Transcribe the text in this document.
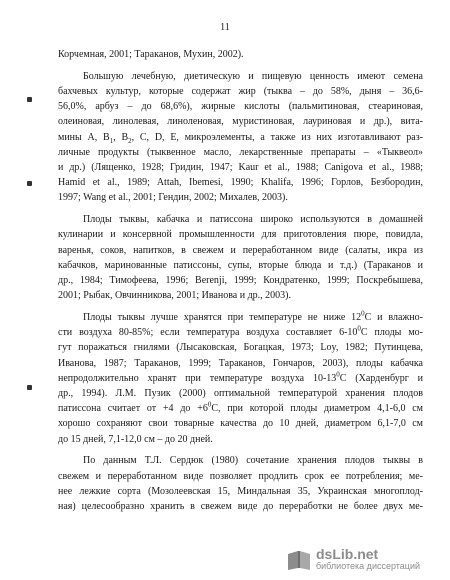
11
Корчемная, 2001; Тараканов, Мухин, 2002).
Большую лечебную, диетическую и пищевую ценность имеют семена
бахчевых культур, которые содержат жир (тыква – до 58%, дыня – 36,6-
56,0%, арбуз – до 68,6%), жирные кислоты (пальмитиновая, стеариновая,
олеиновая, линолевая, линоленовая, муристиновая, лауриновая и др.), вита-
мины А, $B_1$, $B_2$, C, D, E, микроэлементы, а также из них изготавливают раз-
личные продукты (тыквенное масло, лекарственные препараты – «Тыквеол»
и др.) (Лященко, 1928; Гридин, 1947; Kaur et al., 1988; Canigova et al., 1988;
Hamid et al., 1989; Attah, Ibemesi, 1990; Khalifa, 1996; Горлов, Безбородин,
1997; Wang et al., 2001; Гендин, 2002; Михалев, 2003).
Плоды тыквы, кабачка и патиссона широко используются в домашней
кулинарии и консервной промышленности для приготовления пюре, повидла,
варенья, соков, напитков, в свежем и переработанном виде (салаты, икра из
кабачков, маринованные патиссоны, супы, вторые блюда и т.д.) (Тараканов и
др., 1984; Тимофеева, 1996; Berenji, 1999; Кондратенко, 1999; Поскребышева,
2001; Рыбак, Овчинникова, 2001; Иванова и др., 2003).
Плоды тыквы лучше хранятся при температуре не ниже $12^0С$ и влажно-
сти воздуха 80-85%; если температура воздуха составляет $6-10^0С$ плоды мо-
гут поражаться гнилями (Лысаковская, Богацкая, 1973; Loy, 1982; Путинцева,
Иванова, 1987; Тараканов, 1999; Тараканов, Гончаров, 2003), плоды кабачка
непродолжительно хранят при температуре воздуха $10-13^0С$ (Харденбург и
др., 1994). Л.М. Пузик (2000) оптимальной температурой хранения плодов
патиссона считает от +4 до $+6^0С$, при которой плоды диаметром 4,1-6,0 см
хорошо сохраняют свои товарные качества до 10 дней, диаметром 6,1-7,0 см
до 15 дней, 7,1-12,0 см – до 20 дней.
По данным Т.Л. Сердюк (1980) сочетание хранения плодов тыквы в
свежем и переработанном виде позволяет продлить срок ее потребления; ме-
нее лежкие сорта (Мозолеевская 15, Миндальная 35, Украинская многоплод-
ная) целесообразно хранить в свежем виде до переработки не более двух ме-
dsLib.net
библиотека диссертаций
